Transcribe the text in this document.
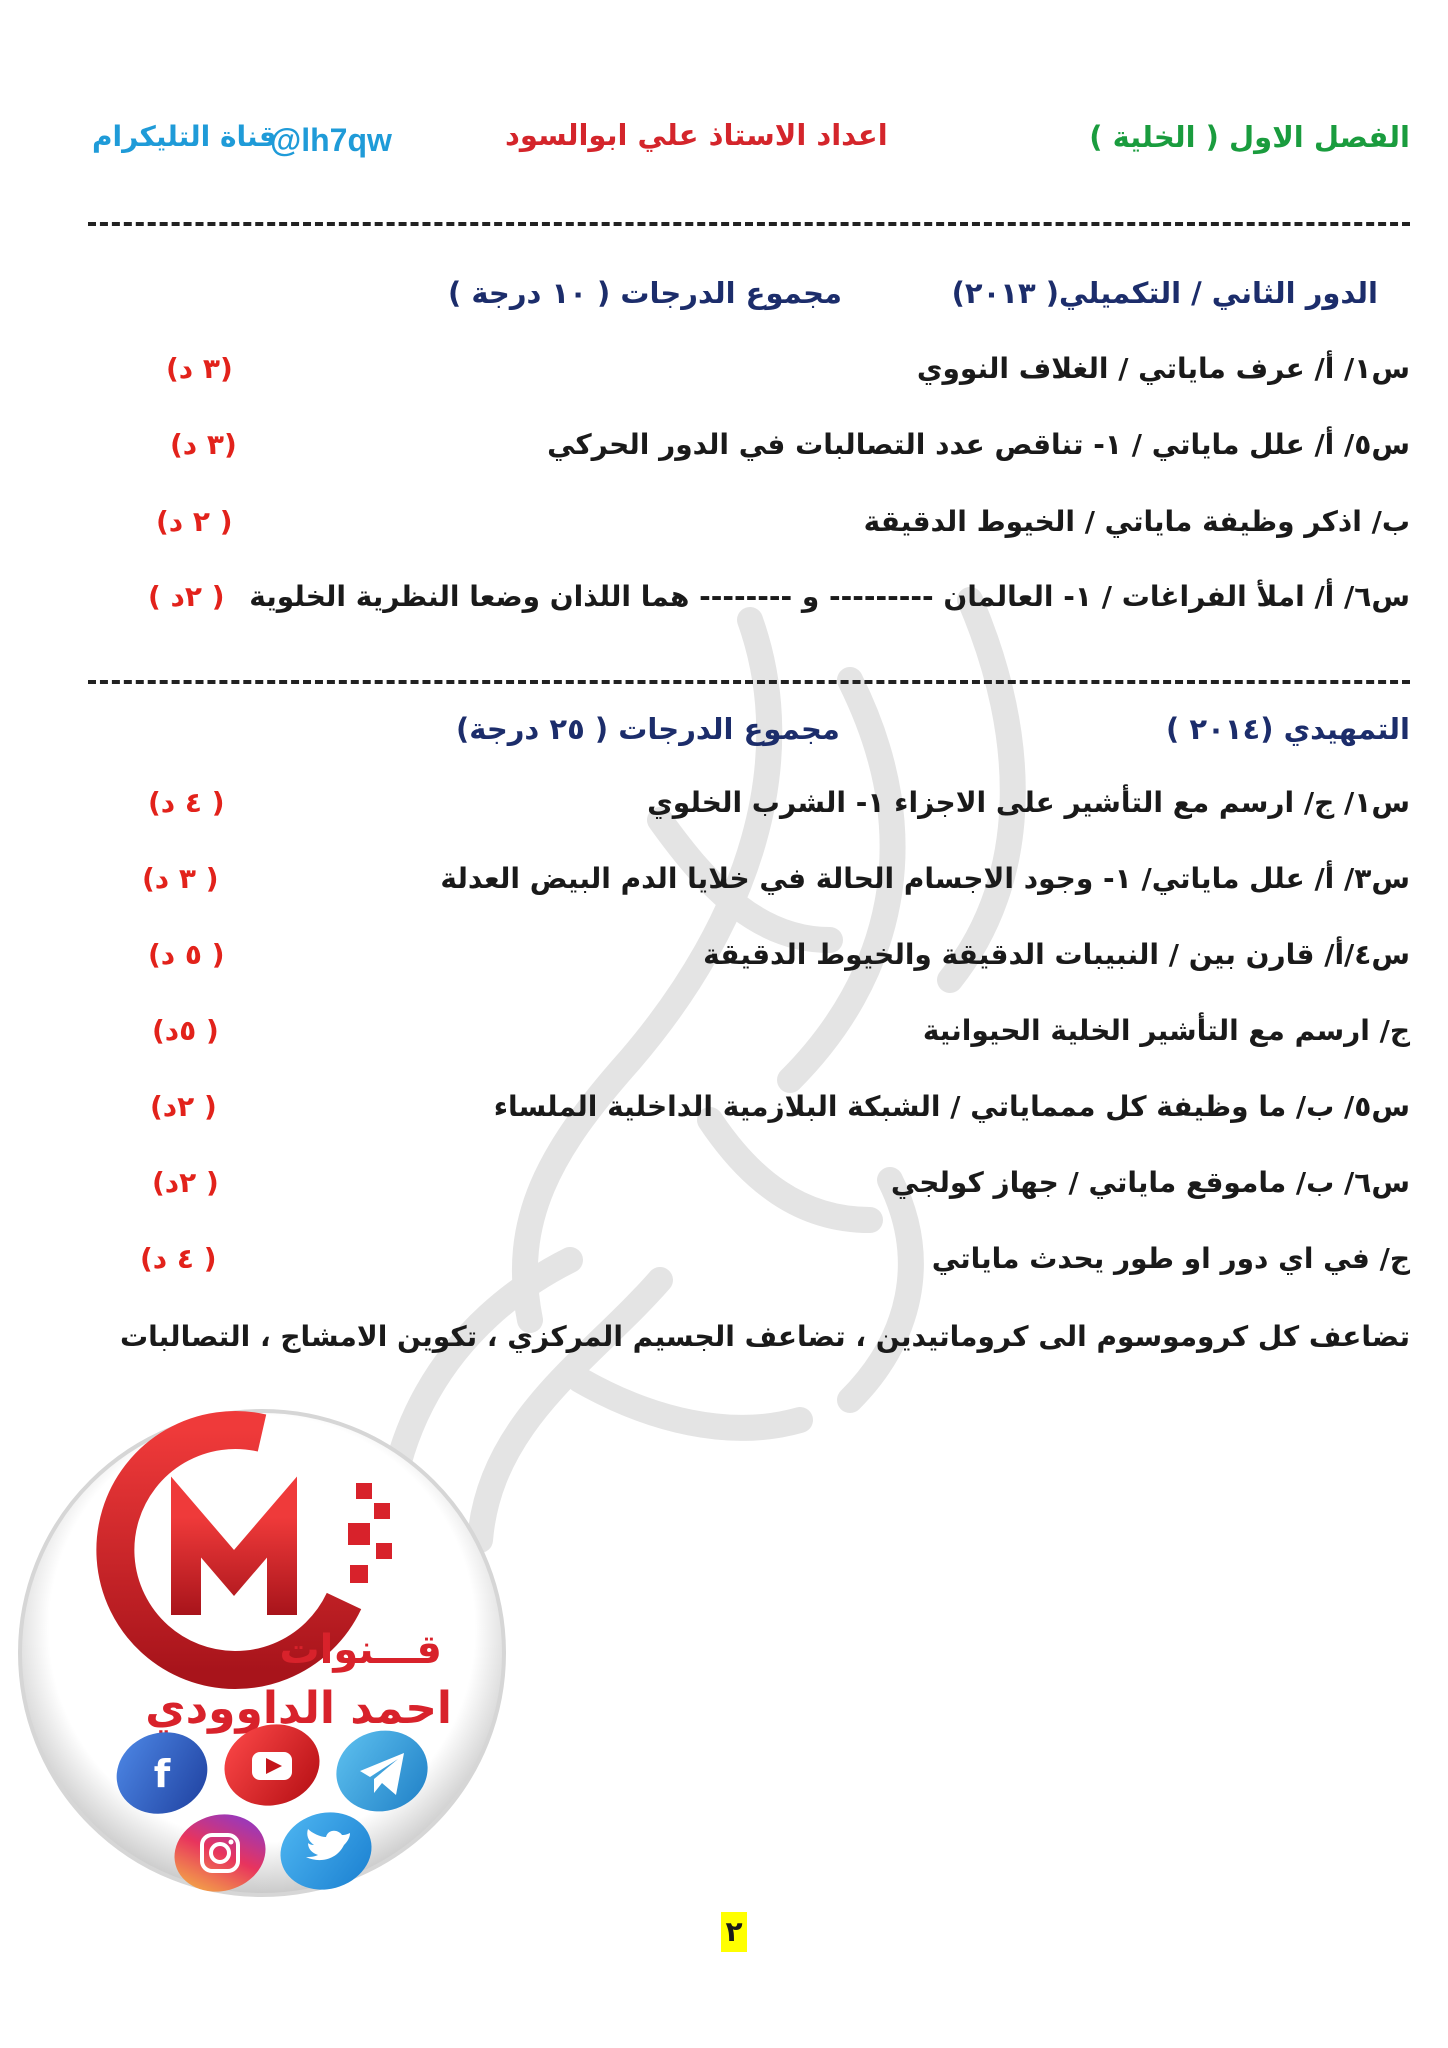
الفصل الاول ( الخلية )
اعداد الاستاذ علي ابوالسود
@lh7qw
قناة التليكرام
الدور الثاني / التكميلي( ٢٠١٣)
مجموع الدرجات ( ١٠ درجة )
س١/ أ/ عرف ماياتي / الغلاف النووي
(٣ د)
س٥/ أ/ علل ماياتي / ١- تناقص عدد التصالبات في الدور الحركي
(٣ د)
ب/ اذكر وظيفة ماياتي / الخيوط الدقيقة
( ٢ د)
س٦/ أ/ املأ الفراغات / ١- العالمان --------- و -------- هما اللذان وضعا النظرية الخلوية
( ٢د )
التمهيدي (٢٠١٤ )
مجموع الدرجات ( ٢٥ درجة)
س١/ ج/ ارسم مع التأشير على الاجزاء ١- الشرب الخلوي
( ٤ د)
س٣/ أ/ علل ماياتي/ ١- وجود الاجسام الحالة في خلايا الدم البيض العدلة
( ٣ د)
س٤/أ/ قارن بين / النبيبات الدقيقة والخيوط الدقيقة
( ٥ د)
ج/ ارسم مع التأشير الخلية الحيوانية
( ٥د)
س٥/ ب/ ما وظيفة كل ممماياتي / الشبكة البلازمية الداخلية الملساء
( ٢د)
س٦/ ب/ ماموقع ماياتي / جهاز كولجي
( ٢د)
ج/ في اي دور او طور يحدث ماياتي
( ٤ د)
تضاعف كل كروموسوم الى كروماتيدين ، تضاعف الجسيم المركزي ، تكوين الامشاج ، التصالبات
قـــنوات
احمد الداوودي
f
٢
